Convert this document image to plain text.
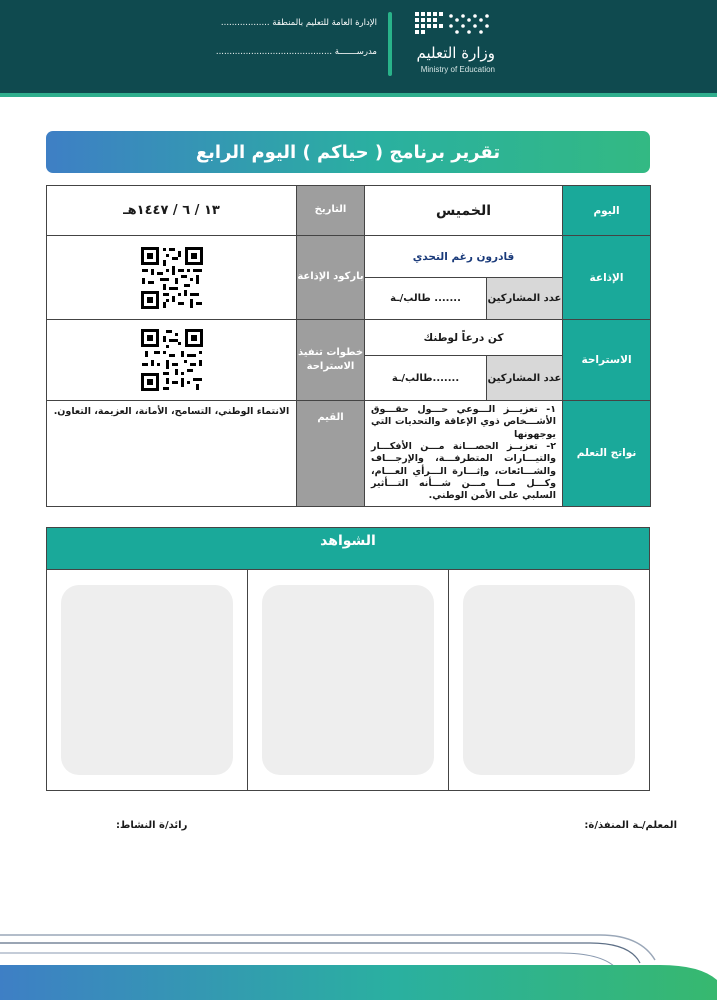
وزارة التعليم
Ministry of Education
الإدارة العامة للتعليم بالمنطقة ..................
مدرســـــــة ...........................................
تقرير برنامج ( حياكم ) اليوم الرابع
اليوم	الخميس		التاريخ	١٣ / ٦ / ١٤٤٧هـ
الإذاعة	قادرون رغم التحدي		باركود الإذاعة	

	عدد المشاركين	....... طالب/ـة		
الاستراحة	كن درعاً لوطنك		خطوات تنفيذ الاستراحة	

	عدد المشاركين	.......طالب/ـة		
نواتج التعلم	١- تعزيـــز الـــوعي حـــول حقـــوق الأشـــخاص ذوي الإعاقة والتحديات التي يوجهونها
٢- تعزيــز الحصـــانة مـــن الأفكـــار والتيـــارات المتطرفـــة، والإرجـــاف والشـــائعات، وإثـــارة الـــرأي العـــام، وكـــل مـــا مـــن شـــأنه التـــأثير السلبي على الأمن الوطني.		القيم	الانتماء الوطني، التسامح، الأمانة، العزيمة، التعاون.
الشواهد
المعلم/ـة المنفذ/ة:
رائد/ة النشاط:
